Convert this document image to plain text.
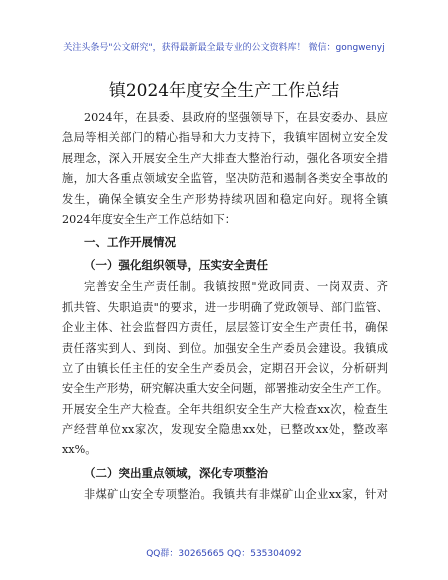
关注头条号"公文研究"，获得最新最全最专业的公文资料库！ 微信：gongwenyj
镇2024年度安全生产工作总结
2024年，在县委、县政府的坚强领导下，在县安委办、县应
急局等相关部门的精心指导和大力支持下，我镇牢固树立安全发
展理念，深入开展安全生产大排查大整治行动，强化各项安全措
施，加大各重点领域安全监管，坚决防范和遏制各类安全事故的
发生，确保全镇安全生产形势持续巩固和稳定向好。现将全镇
2024年度安全生产工作总结如下：
一、工作开展情况
（一）强化组织领导，压实安全责任
完善安全生产责任制。我镇按照"党政同责、一岗双责、齐
抓共管、失职追责"的要求，进一步明确了党政领导、部门监管、
企业主体、社会监督四方责任，层层签订安全生产责任书，确保
责任落实到人、到岗、到位。加强安全生产委员会建设。我镇成
立了由镇长任主任的安全生产委员会，定期召开会议，分析研判
安全生产形势，研究解决重大安全问题，部署推动安全生产工作。
开展安全生产大检查。全年共组织安全生产大检查xx次，检查生
产经营单位xx家次，发现安全隐患xx处，已整改xx处，整改率
xx%。
（二）突出重点领域，深化专项整治
非煤矿山安全专项整治。我镇共有非煤矿山企业xx家，针对
QQ群：30265665 QQ：535304092
